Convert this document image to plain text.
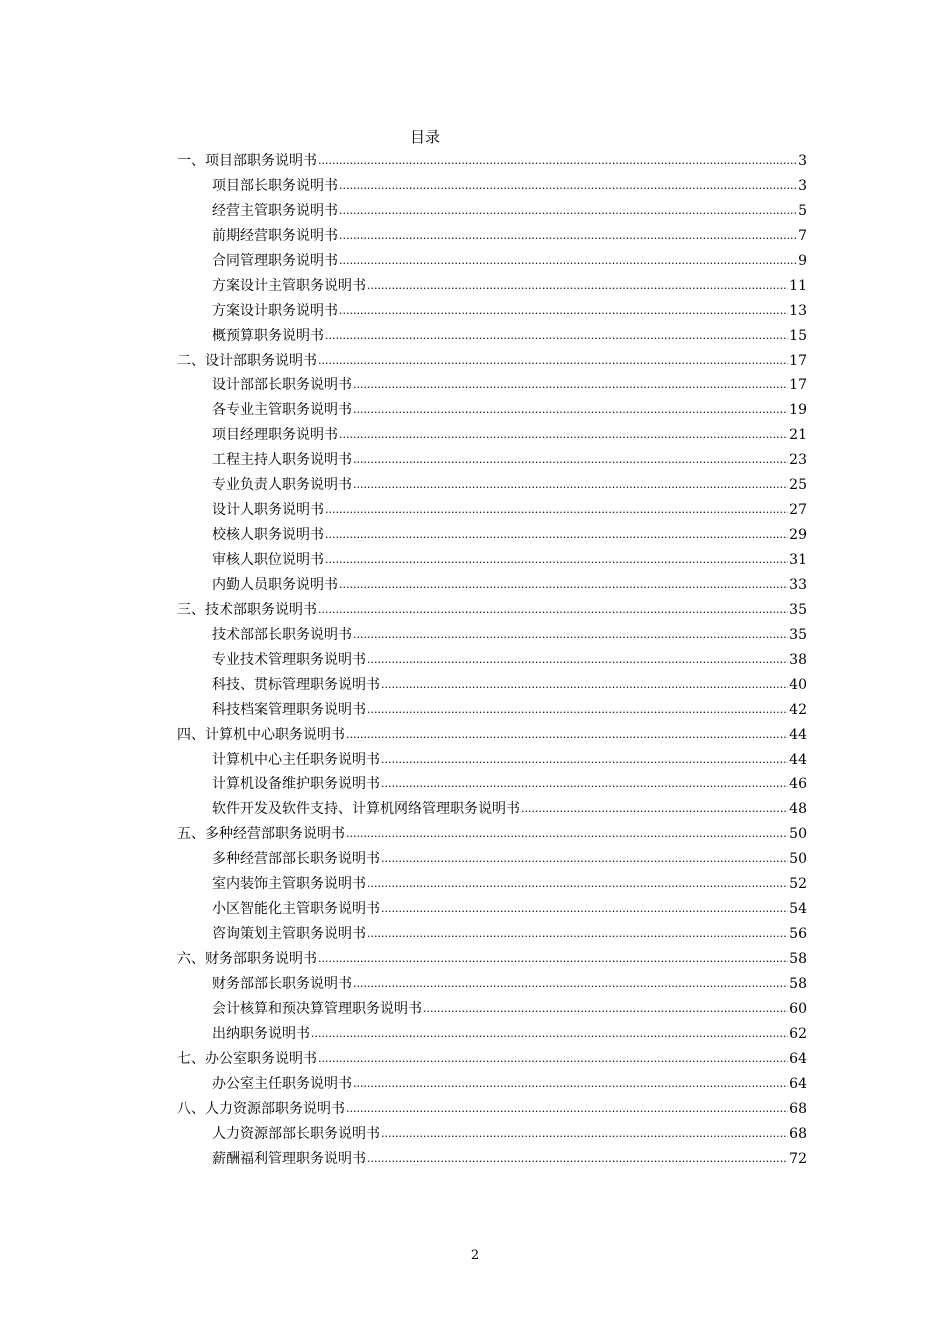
目录
一、项目部职务说明书 .....	3
项目部长职务说明书 .....	3
经营主管职务说明书 .....	5
前期经营职务说明书 .....	7
合同管理职务说明书 .....	9
方案设计主管职务说明书 .....	11
方案设计职务说明书 .....	13
概预算职务说明书 .....	15
二、设计部职务说明书 .....	17
设计部部长职务说明书 .....	17
各专业主管职务说明书 .....	19
项目经理职务说明书 .....	21
工程主持人职务说明书 .....	23
专业负责人职务说明书 .....	25
设计人职务说明书 .....	27
校核人职务说明书 .....	29
审核人职位说明书 .....	31
内勤人员职务说明书 .....	33
三、技术部职务说明书 .....	35
技术部部长职务说明书 .....	35
专业技术管理职务说明书 .....	38
科技、贯标管理职务说明书 .....	40
科技档案管理职务说明书 .....	42
四、计算机中心职务说明书 .....	44
计算机中心主任职务说明书 .....	44
计算机设备维护职务说明书 .....	46
软件开发及软件支持、计算机网络管理职务说明书 .....	48
五、多种经营部职务说明书 .....	50
多种经营部部长职务说明书 .....	50
室内装饰主管职务说明书 .....	52
小区智能化主管职务说明书 .....	54
咨询策划主管职务说明书 .....	56
六、财务部职务说明书 .....	58
财务部部长职务说明书 .....	58
会计核算和预决算管理职务说明书 .....	60
出纳职务说明书 .....	62
七、办公室职务说明书 .....	64
办公室主任职务说明书 .....	64
八、人力资源部职务说明书 .....	68
人力资源部部长职务说明书 .....	68
薪酬福利管理职务说明书 .....	72
2
